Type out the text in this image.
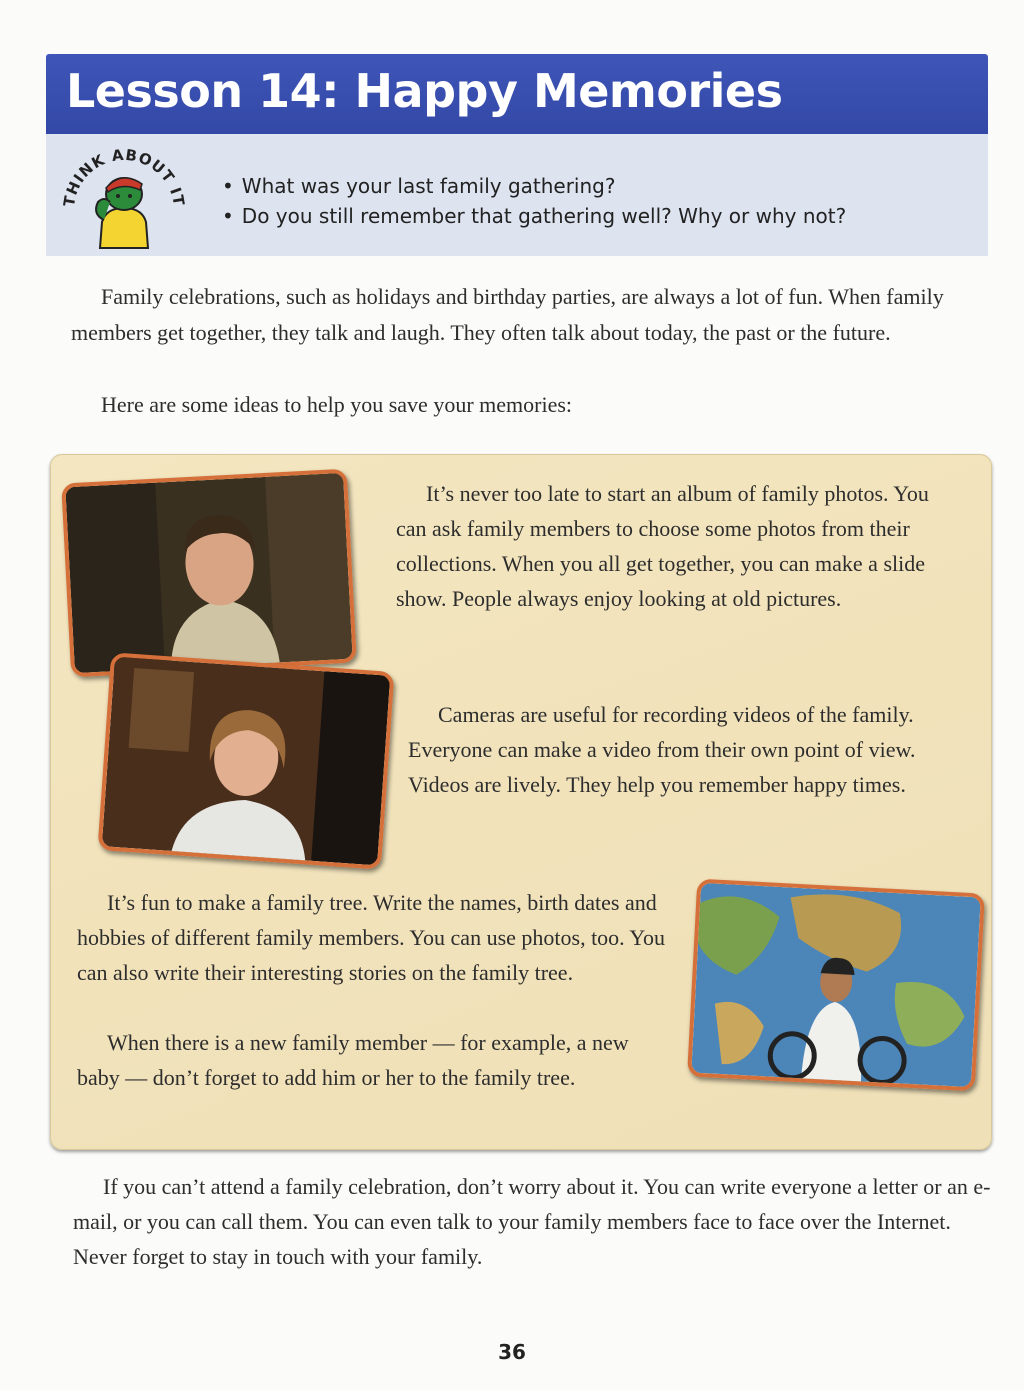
Lesson 14: Happy Memories
THINK ABOUT IT
• What was your last family gathering?
• Do you still remember that gathering well? Why or why not?

Family celebrations, such as holidays and birthday parties, are always a lot of fun. When family members get together, they talk and laugh. They often talk about today, the past or the future.

Here are some ideas to help you save your memories:

It’s never too late to start an album of family photos. You can ask family members to choose some photos from their collections. When you all get together, you can make a slide show. People always enjoy looking at old pictures.

Cameras are useful for recording videos of the family. Everyone can make a video from their own point of view. Videos are lively. They help you remember happy times.

It’s fun to make a family tree. Write the names, birth dates and hobbies of different family members. You can use photos, too. You can also write their interesting stories on the family tree.

When there is a new family member — for example, a new baby — don’t forget to add him or her to the family tree.

If you can’t attend a family celebration, don’t worry about it. You can write everyone a letter or an e-mail, or you can call them. You can even talk to your family members face to face over the Internet. Never forget to stay in touch with your family.

36
